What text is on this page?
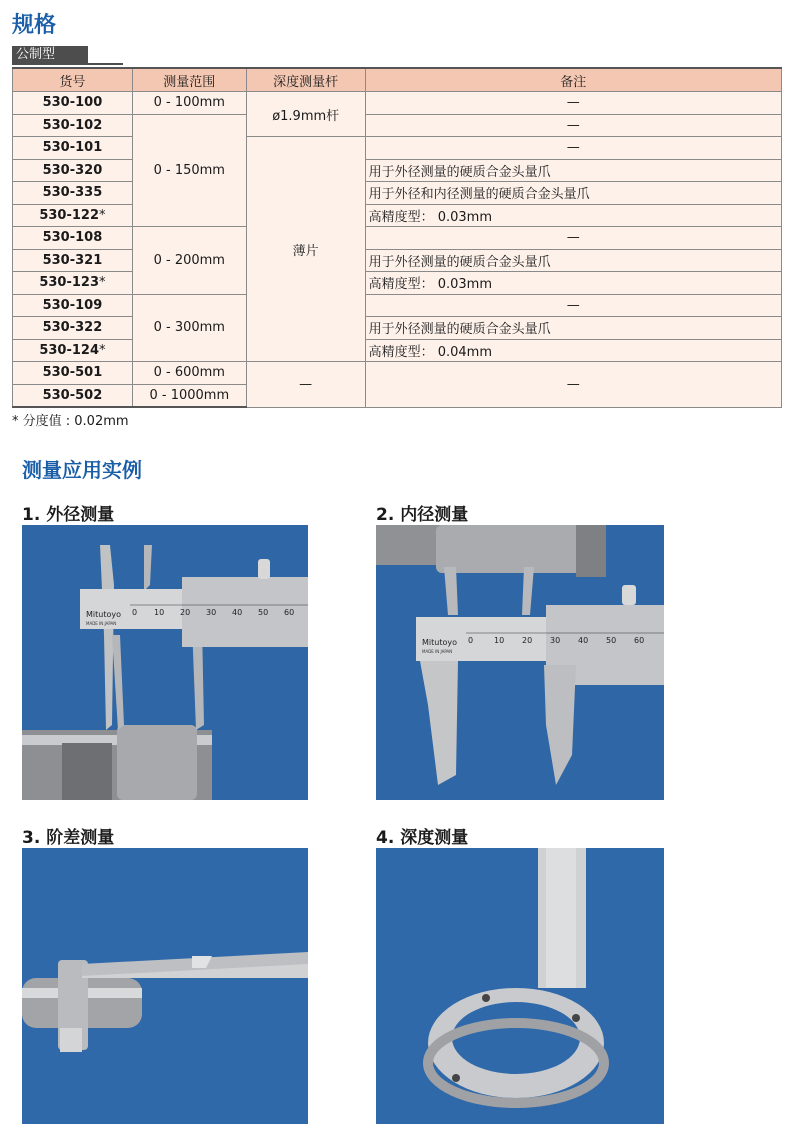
规格
公制型
货号	测量范围	深度测量杆	备注
530-100	0 - 100mm	ø1.9mm杆	—
530-102	0 - 150mm		—
530-101		薄片	—
530-320			用于外径测量的硬质合金头量爪
530-335			用于外径和内径测量的硬质合金头量爪
530-122*			高精度型： 0.03mm
530-108	0 - 200mm		—
530-321			用于外径测量的硬质合金头量爪
530-123*			高精度型： 0.03mm
530-109	0 - 300mm		—
530-322			用于外径测量的硬质合金头量爪
530-124*			高精度型： 0.04mm
530-501	0 - 600mm	—	—
530-502	0 - 1000mm		
* 分度值 : 0.02mm
测量应用实例
1. 外径测量
Mitutoyo
MADE IN JAPAN
0 10 20 30 40 50 60
2. 内径测量
Mitutoyo
MADE IN JAPAN
0	10 20 30 40 50 60
3. 阶差测量	4. 深度测量
